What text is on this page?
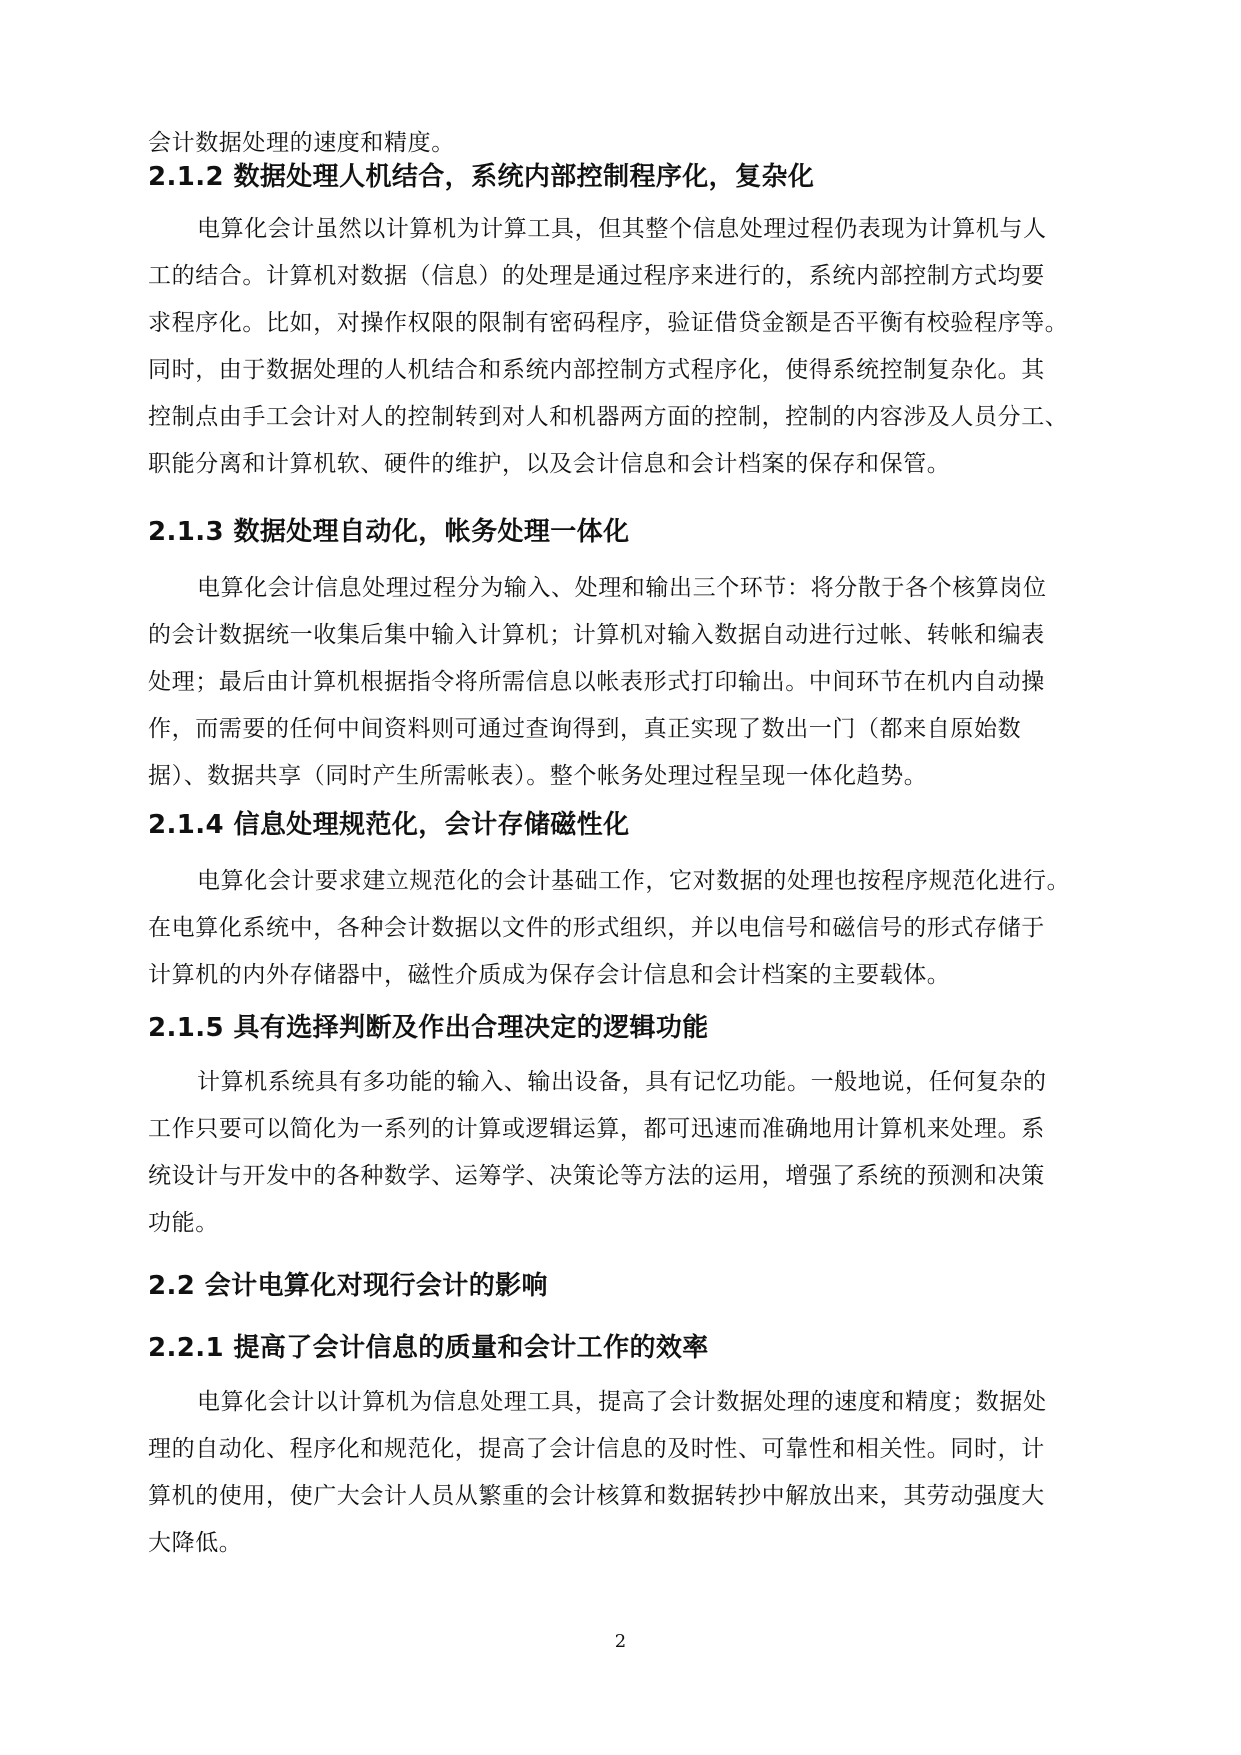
会计数据处理的速度和精度。
2.1.2 数据处理人机结合，系统内部控制程序化，复杂化
电算化会计虽然以计算机为计算工具，但其整个信息处理过程仍表现为计算机与人
工的结合。计算机对数据（信息）的处理是通过程序来进行的，系统内部控制方式均要
求程序化。比如，对操作权限的限制有密码程序，验证借贷金额是否平衡有校验程序等。
同时，由于数据处理的人机结合和系统内部控制方式程序化，使得系统控制复杂化。其
控制点由手工会计对人的控制转到对人和机器两方面的控制，控制的内容涉及人员分工、
职能分离和计算机软、硬件的维护，以及会计信息和会计档案的保存和保管。
2.1.3 数据处理自动化，帐务处理一体化
电算化会计信息处理过程分为输入、处理和输出三个环节：将分散于各个核算岗位
的会计数据统一收集后集中输入计算机；计算机对输入数据自动进行过帐、转帐和编表
处理；最后由计算机根据指令将所需信息以帐表形式打印输出。中间环节在机内自动操
作，而需要的任何中间资料则可通过查询得到，真正实现了数出一门（都来自原始数
据）、数据共享（同时产生所需帐表）。整个帐务处理过程呈现一体化趋势。
2.1.4 信息处理规范化，会计存储磁性化
电算化会计要求建立规范化的会计基础工作，它对数据的处理也按程序规范化进行。
在电算化系统中，各种会计数据以文件的形式组织，并以电信号和磁信号的形式存储于
计算机的内外存储器中，磁性介质成为保存会计信息和会计档案的主要载体。
2.1.5 具有选择判断及作出合理决定的逻辑功能
计算机系统具有多功能的输入、输出设备，具有记忆功能。一般地说，任何复杂的
工作只要可以简化为一系列的计算或逻辑运算，都可迅速而准确地用计算机来处理。系
统设计与开发中的各种数学、运筹学、决策论等方法的运用，增强了系统的预测和决策
功能。
2.2 会计电算化对现行会计的影响
2.2.1 提高了会计信息的质量和会计工作的效率
电算化会计以计算机为信息处理工具，提高了会计数据处理的速度和精度；数据处
理的自动化、程序化和规范化，提高了会计信息的及时性、可靠性和相关性。同时，计
算机的使用，使广大会计人员从繁重的会计核算和数据转抄中解放出来，其劳动强度大
大降低。
2
